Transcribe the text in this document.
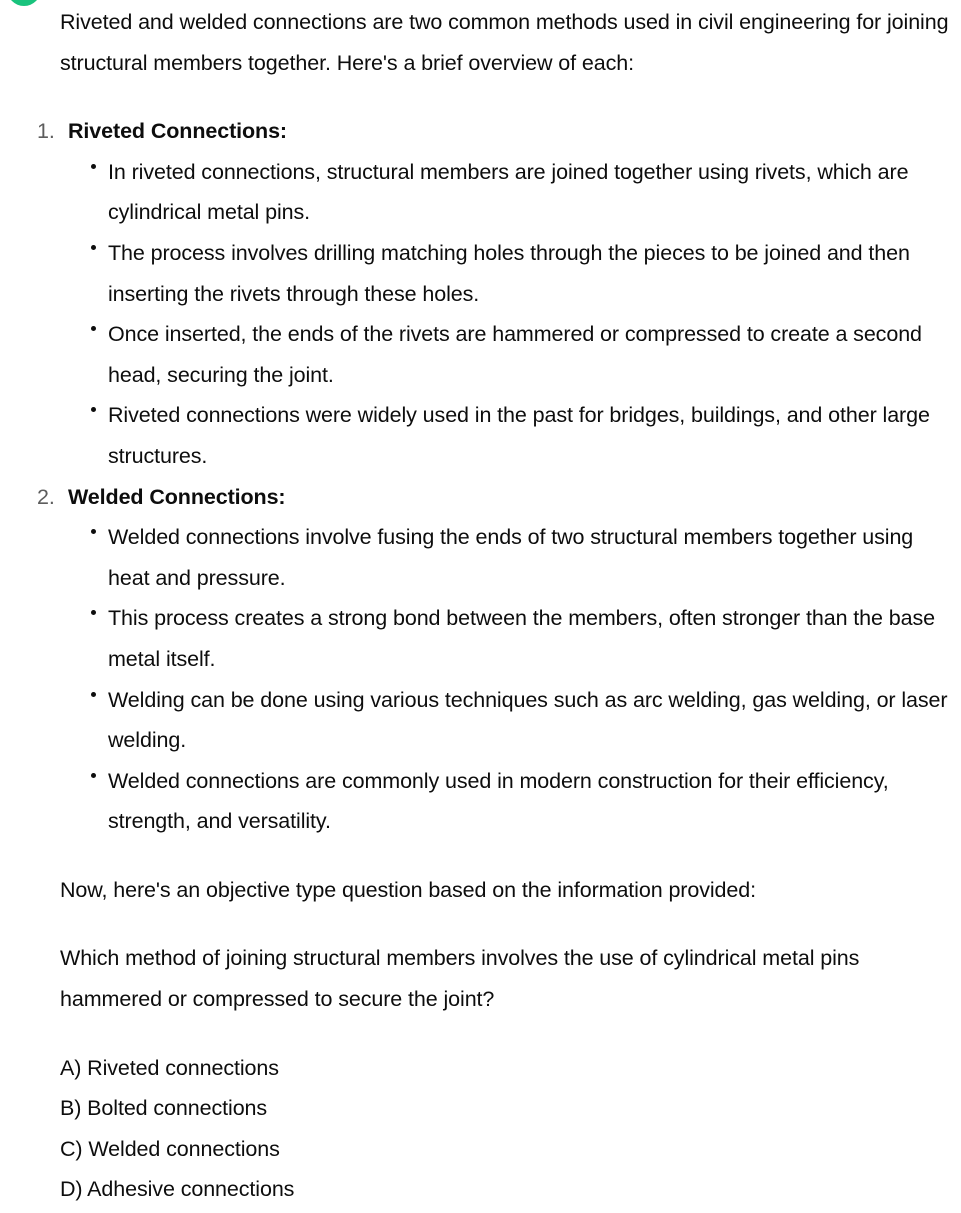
Riveted and welded connections are two common methods used in civil engineering for joining structural members together. Here's a brief overview of each:

1. Riveted Connections:
In riveted connections, structural members are joined together using rivets, which are cylindrical metal pins.
The process involves drilling matching holes through the pieces to be joined and then inserting the rivets through these holes.
Once inserted, the ends of the rivets are hammered or compressed to create a second head, securing the joint.
Riveted connections were widely used in the past for bridges, buildings, and other large structures.
2. Welded Connections:
Welded connections involve fusing the ends of two structural members together using heat and pressure.
This process creates a strong bond between the members, often stronger than the base metal itself.
Welding can be done using various techniques such as arc welding, gas welding, or laser welding.
Welded connections are commonly used in modern construction for their efficiency, strength, and versatility.

Now, here's an objective type question based on the information provided:

Which method of joining structural members involves the use of cylindrical metal pins hammered or compressed to secure the joint?

A) Riveted connections

B) Bolted connections

C) Welded connections

D) Adhesive connections
